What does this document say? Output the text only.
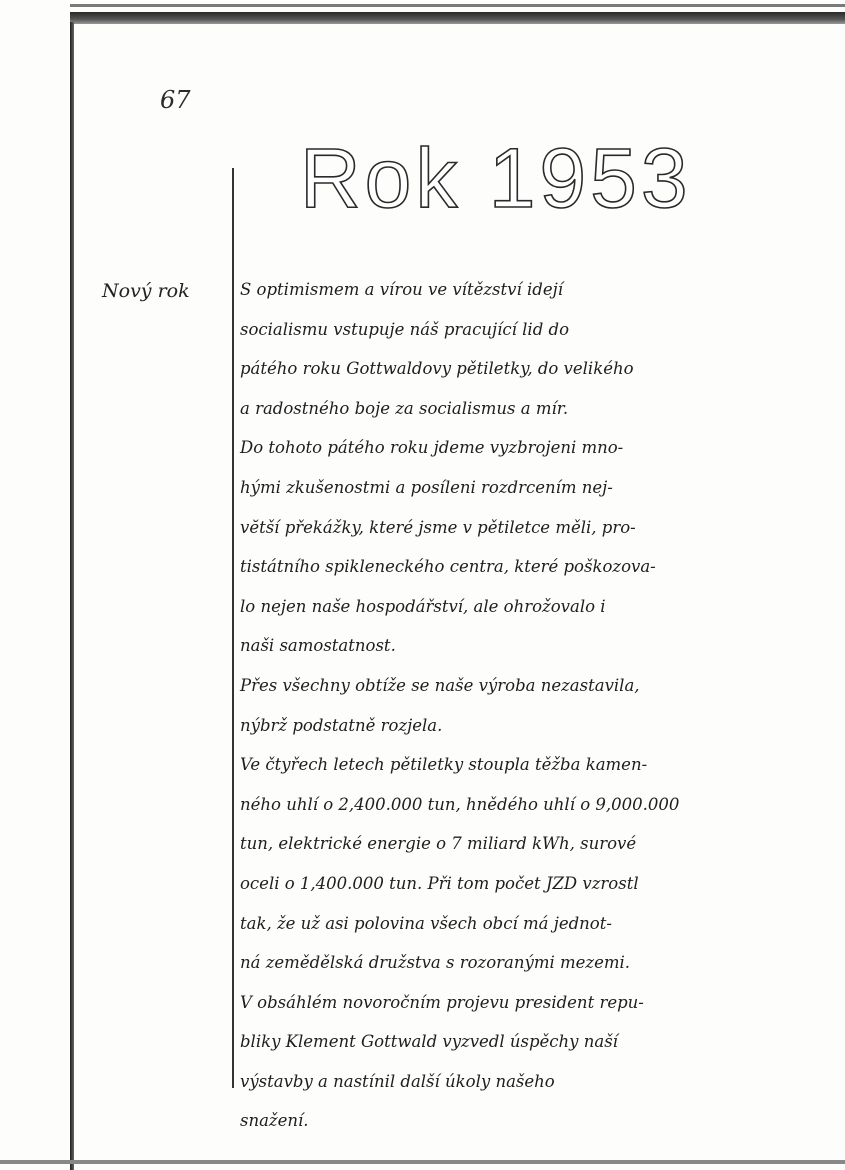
67
Nový rok
Rok 1953
S optimismem a vírou ve vítězství idejí
socialismu vstupuje náš pracující lid do
pátého roku Gottwaldovy pětiletky, do velikého
a radostného boje za socialismus a mír.
Do tohoto pátého roku jdeme vyzbrojeni mno-
hými zkušenostmi a posíleni rozdrcením nej-
vĕtší překážky, které jsme v pětiletce měli, pro-
tistátního spikleneckého centra, které poškozova-
lo nejen naše hospodářství, ale ohrožovalo i
naši samostatnost.
Přes všechny obtíže se naše výroba nezastavila,
nýbrž podstatně rozjela.
Ve čtyřech letech pětiletky stoupla těžba kamen-
ného uhlí o 2,400.000 tun, hnědého uhlí o 9,000.000
tun, elektrické energie o 7 miliard kWh, surové
oceli o 1,400.000 tun. Při tom počet JZD vzrostl
tak, že už asi polovina všech obcí má jednot-
ná zemědělská družstva s rozoranými mezemi.
V obsáhlém novoročním projevu president repu-
bliky Klement Gottwald vyzvedl úspěchy naší
výstavby a nastínil další úkoly našeho
snažení.
